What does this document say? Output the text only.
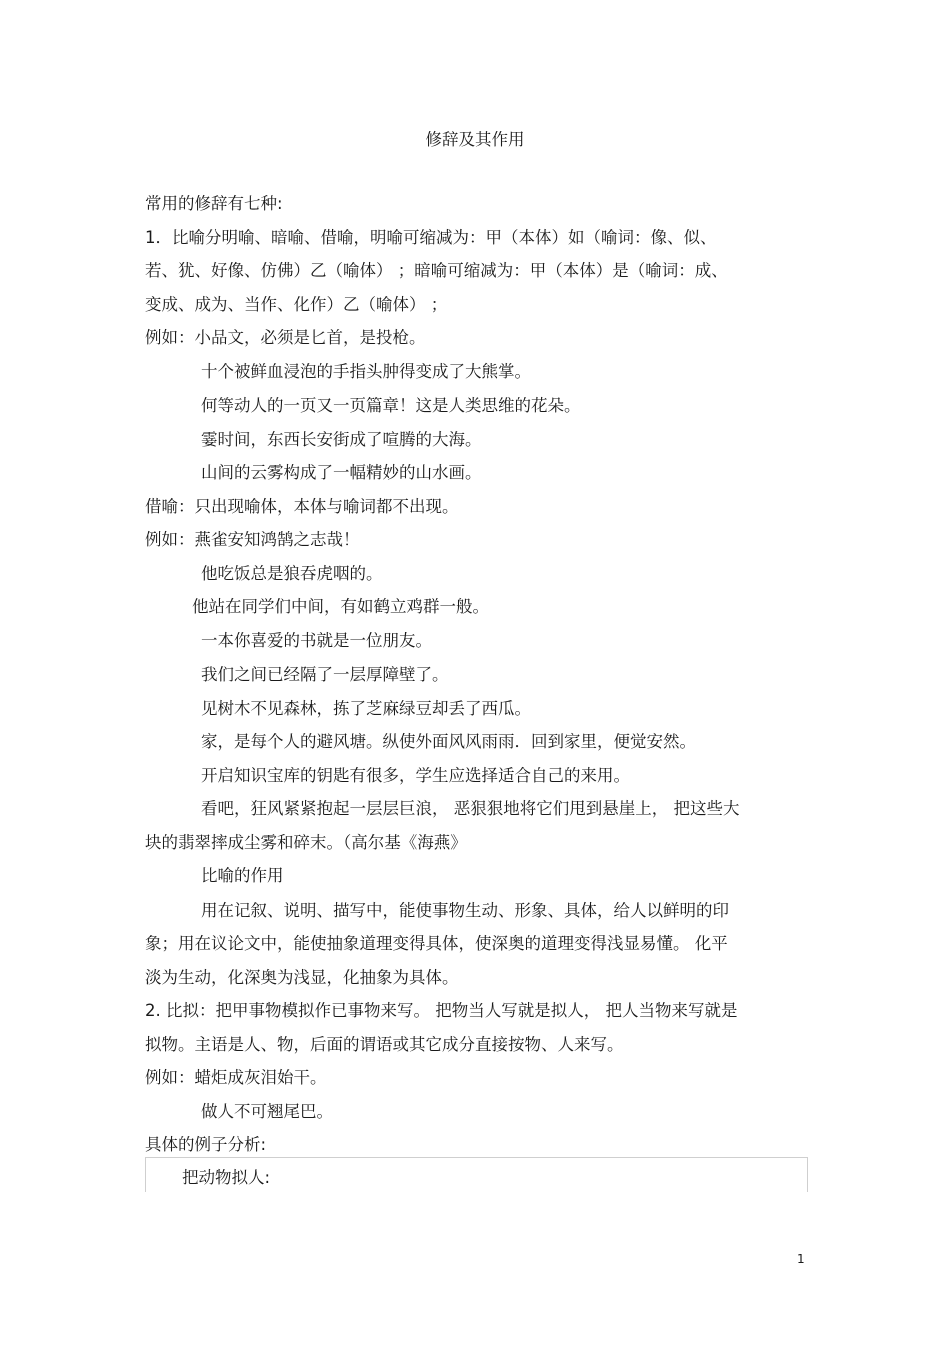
修辞及其作用
常用的修辞有七种:
1．比喻分明喻、暗喻、借喻，明喻可缩减为：甲（本体）如（喻词：像、似、
若、犹、好像、仿佛）乙（喻体） ；暗喻可缩减为：甲（本体）是（喻词：成、
变成、成为、当作、化作）乙（喻体） ；
例如：小品文，必须是匕首，是投枪。
十个被鲜血浸泡的手指头肿得变成了大熊掌。
何等动人的一页又一页篇章！这是人类思维的花朵。
霎时间，东西长安街成了喧腾的大海。
山间的云雾构成了一幅精妙的山水画。
借喻：只出现喻体，本体与喻词都不出现。
例如：燕雀安知鸿鹄之志哉！
他吃饭总是狼吞虎咽的。
他站在同学们中间，有如鹤立鸡群一般。
一本你喜爱的书就是一位朋友。
我们之间已经隔了一层厚障壁了。
见树木不见森林，拣了芝麻绿豆却丢了西瓜。
家，是每个人的避风塘。纵使外面风风雨雨．回到家里，便觉安然。
开启知识宝库的钥匙有很多，学生应选择适合自己的来用。
看吧，狂风紧紧抱起一层层巨浪， 恶狠狠地将它们甩到悬崖上， 把这些大
块的翡翠摔成尘雾和碎末。（高尔基《海燕》
比喻的作用
用在记叙、说明、描写中，能使事物生动、形象、具体，给人以鲜明的印
象；用在议论文中，能使抽象道理变得具体，使深奥的道理变得浅显易懂。 化平
淡为生动，化深奥为浅显，化抽象为具体。
2. 比拟：把甲事物模拟作已事物来写。 把物当人写就是拟人， 把人当物来写就是
拟物。主语是人、物，后面的谓语或其它成分直接按物、人来写。
例如：蜡炬成灰泪始干。
做人不可翘尾巴。
具体的例子分析:
把动物拟人:
1
